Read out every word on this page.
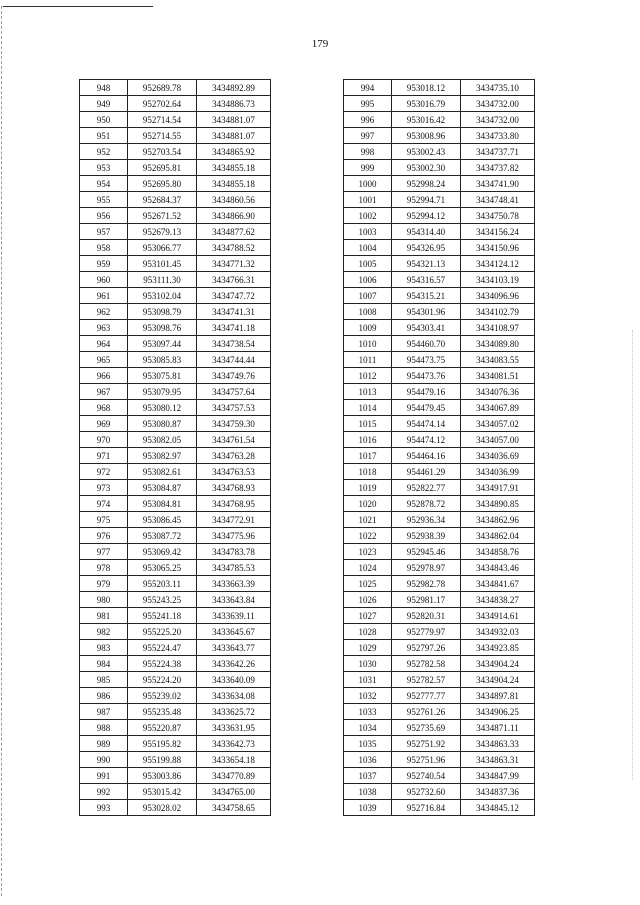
179
948	952689.78	3434892.89
949	952702.64	3434886.73
950	952714.54	3434881.07
951	952714.55	3434881.07
952	952703.54	3434865.92
953	952695.81	3434855.18
954	952695.80	3434855.18
955	952684.37	3434860.56
956	952671.52	3434866.90
957	952679.13	3434877.62
958	953066.77	3434788.52
959	953101.45	3434771.32
960	953111.30	3434766.31
961	953102.04	3434747.72
962	953098.79	3434741.31
963	953098.76	3434741.18
964	953097.44	3434738.54
965	953085.83	3434744.44
966	953075.81	3434749.76
967	953079.95	3434757.64
968	953080.12	3434757.53
969	953080.87	3434759.30
970	953082.05	3434761.54
971	953082.97	3434763.28
972	953082.61	3434763.53
973	953084.87	3434768.93
974	953084.81	3434768.95
975	953086.45	3434772.91
976	953087.72	3434775.96
977	953069.42	3434783.78
978	953065.25	3434785.53
979	955203.11	3433663.39
980	955243.25	3433643.84
981	955241.18	3433639.11
982	955225.20	3433645.67
983	955224.47	3433643.77
984	955224.38	3433642.26
985	955224.20	3433640.09
986	955239.02	3433634.08
987	955235.48	3433625.72
988	955220.87	3433631.95
989	955195.82	3433642.73
990	955199.88	3433654.18
991	953003.86	3434770.89
992	953015.42	3434765.00
993	953028.02	3434758.65
994	953018.12	3434735.10
995	953016.79	3434732.00
996	953016.42	3434732.00
997	953008.96	3434733.80
998	953002.43	3434737.71
999	953002.30	3434737.82
1000	952998.24	3434741.90
1001	952994.71	3434748.41
1002	952994.12	3434750.78
1003	954314.40	3434156.24
1004	954326.95	3434150.96
1005	954321.13	3434124.12
1006	954316.57	3434103.19
1007	954315.21	3434096.96
1008	954301.96	3434102.79
1009	954303.41	3434108.97
1010	954460.70	3434089.80
1011	954473.75	3434083.55
1012	954473.76	3434081.51
1013	954479.16	3434076.36
1014	954479.45	3434067.89
1015	954474.14	3434057.02
1016	954474.12	3434057.00
1017	954464.16	3434036.69
1018	954461.29	3434036.99
1019	952822.77	3434917.91
1020	952878.72	3434890.85
1021	952936.34	3434862.96
1022	952938.39	3434862.04
1023	952945.46	3434858.76
1024	952978.97	3434843.46
1025	952982.78	3434841.67
1026	952981.17	3434838.27
1027	952820.31	3434914.61
1028	952779.97	3434932.03
1029	952797.26	3434923.85
1030	952782.58	3434904.24
1031	952782.57	3434904.24
1032	952777.77	3434897.81
1033	952761.26	3434906.25
1034	952735.69	3434871.11
1035	952751.92	3434863.33
1036	952751.96	3434863.31
1037	952740.54	3434847.99
1038	952732.60	3434837.36
1039	952716.84	3434845.12
